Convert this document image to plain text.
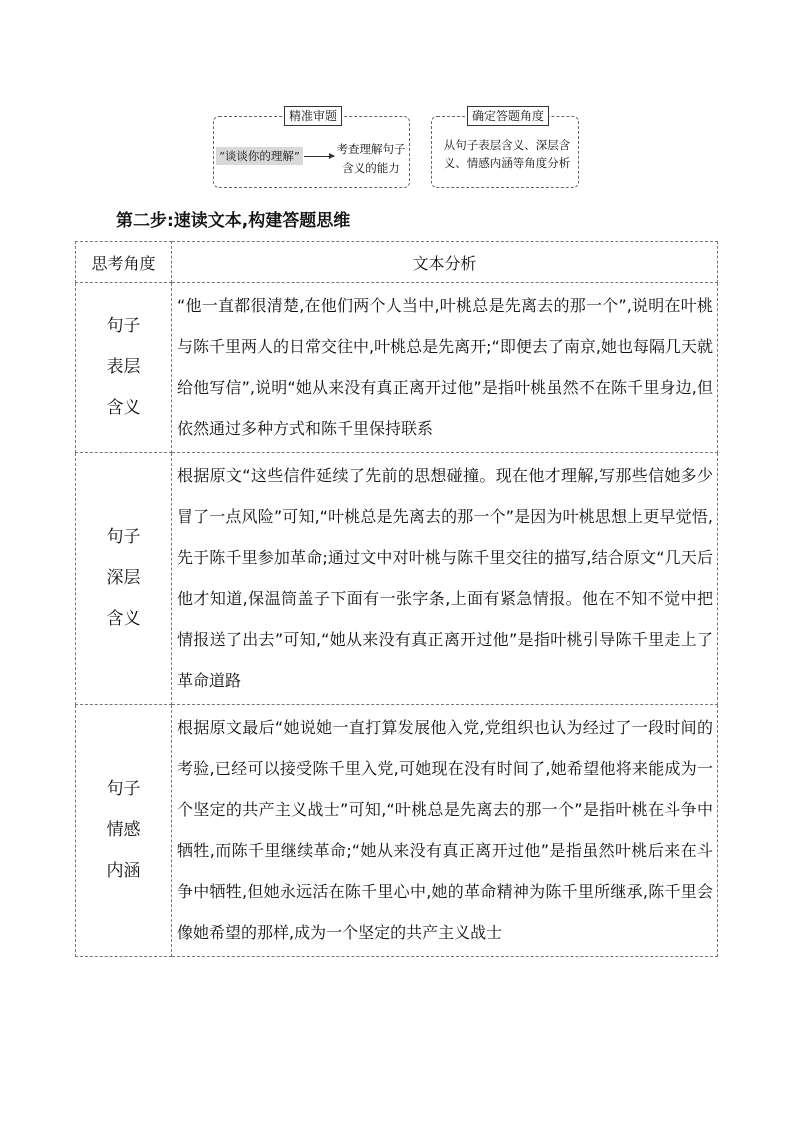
精准审题	确定答题角度
“谈谈你的理解”	考查理解句子
含义的能力
从句子表层含义、深层含
义、情感内涵等角度分析
第二步:速读文本,构建答题思维
思考角度	文本分析

句子
表层
含义	“他一直都很清楚,在他们两个人当中,叶桃总是先离去的那一个”,说明在叶桃与陈千里两人的日常交往中,叶桃总是先离开;“即便去了南京,她也每隔几天就给他写信”,说明“她从来没有真正离开过他”是指叶桃虽然不在陈千里身边,但依然通过多种方式和陈千里保持联系

句子
深层
含义	根据原文“这些信件延续了先前的思想碰撞。现在他才理解,写那些信她多少冒了一点风险”可知,“叶桃总是先离去的那一个”是因为叶桃思想上更早觉悟,先于陈千里参加革命;通过文中对叶桃与陈千里交往的描写,结合原文“几天后他才知道,保温筒盖子下面有一张字条,上面有紧急情报。他在不知不觉中把情报送了出去”可知,“她从来没有真正离开过他”是指叶桃引导陈千里走上了革命道路

句子
情感
内涵	根据原文最后“她说她一直打算发展他入党,党组织也认为经过了一段时间的考验,已经可以接受陈千里入党,可她现在没有时间了,她希望他将来能成为一个坚定的共产主义战士”可知,“叶桃总是先离去的那一个”是指叶桃在斗争中牺牲,而陈千里继续革命;“她从来没有真正离开过他”是指虽然叶桃后来在斗争中牺牲,但她永远活在陈千里心中,她的革命精神为陈千里所继承,陈千里会像她希望的那样,成为一个坚定的共产主义战士
